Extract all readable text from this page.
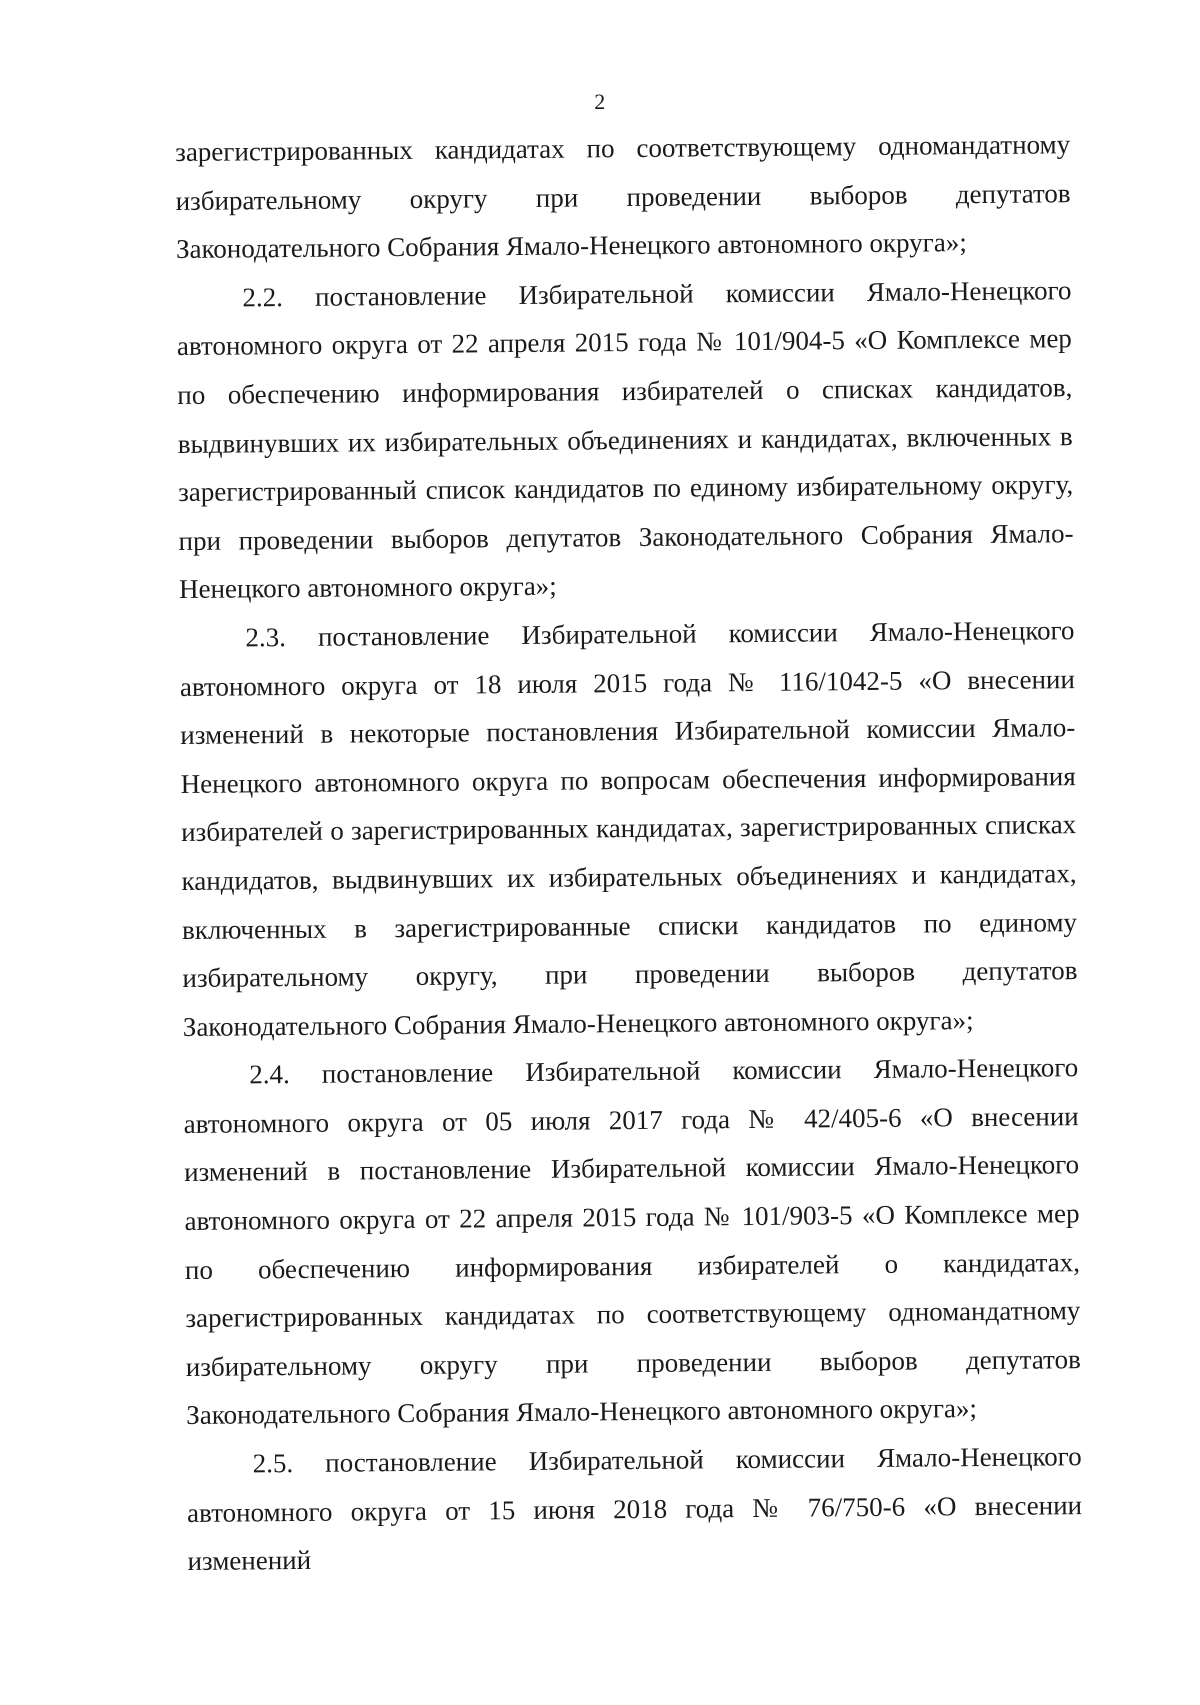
2

зарегистрированных кандидатах по соответствующему одномандатному избирательному округу при проведении выборов депутатов Законодательного Собрания Ямало-Ненецкого автономного округа»;

2.2. постановление Избирательной комиссии Ямало-Ненецкого автономного округа от 22 апреля 2015 года № 101/904-5 «О Комплексе мер по обеспечению информирования избирателей о списках кандидатов, выдвинувших их избирательных объединениях и кандидатах, включенных в зарегистрированный список кандидатов по единому избирательному округу, при проведении выборов депутатов Законодательного Собрания Ямало-Ненецкого автономного округа»;

2.3. постановление Избирательной комиссии Ямало-Ненецкого автономного округа от 18 июля 2015 года № 116/1042-5 «О внесении изменений в некоторые постановления Избирательной комиссии Ямало-Ненецкого автономного округа по вопросам обеспечения информирования избирателей о зарегистрированных кандидатах, зарегистрированных списках кандидатов, выдвинувших их избирательных объединениях и кандидатах, включенных в зарегистрированные списки кандидатов по единому избирательному округу, при проведении выборов депутатов Законодательного Собрания Ямало-Ненецкого автономного округа»;

2.4. постановление Избирательной комиссии Ямало-Ненецкого автономного округа от 05 июля 2017 года № 42/405-6 «О внесении изменений в постановление Избирательной комиссии Ямало-Ненецкого автономного округа от 22 апреля 2015 года № 101/903-5 «О Комплексе мер по обеспечению информирования избирателей о кандидатах, зарегистрированных кандидатах по соответствующему одномандатному избирательному округу при проведении выборов депутатов Законодательного Собрания Ямало-Ненецкого автономного округа»;

2.5. постановление Избирательной комиссии Ямало-Ненецкого автономного округа от 15 июня 2018 года № 76/750-6 «О внесении изменений
